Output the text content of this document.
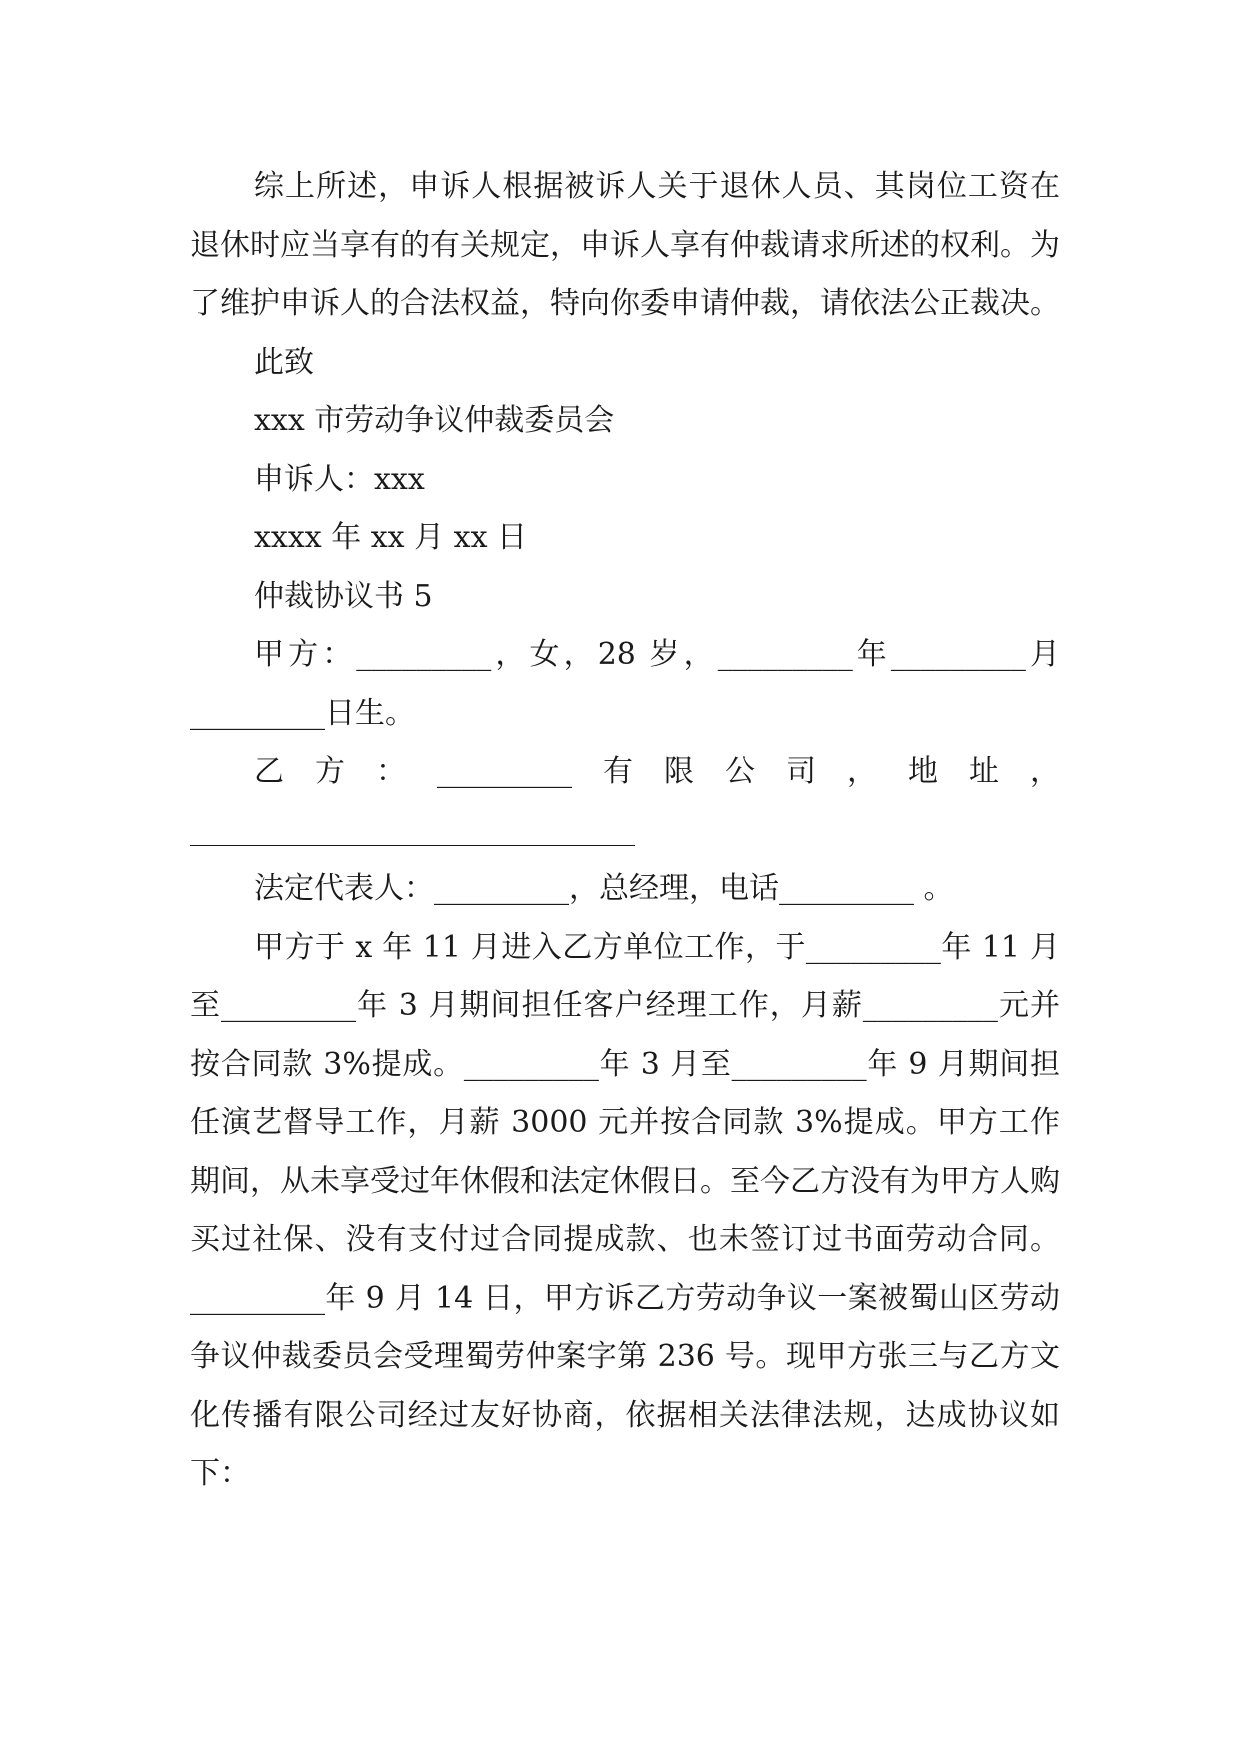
综上所述，申诉人根据被诉人关于退休人员、其岗位工资在退休时应当享有的有关规定，申诉人享有仲裁请求所述的权利。为了维护申诉人的合法权益，特向你委申请仲裁，请依法公正裁决。

此致

xxx 市劳动争议仲裁委员会

申诉人：xxx

xxxx 年 xx 月 xx 日

仲裁协议书 5

甲方：_________，女，28 岁，_________年_________月_________日生。

乙方：_________有限公司，地址，

法定代表人：_________，总经理，电话_________ 。

甲方于 x 年 11 月进入乙方单位工作，于_________年 11 月至_________年 3 月期间担任客户经理工作，月薪_________元并按合同款 3%提成。_________年 3 月至_________年 9 月期间担任演艺督导工作，月薪 3000 元并按合同款 3%提成。甲方工作期间，从未享受过年休假和法定休假日。至今乙方没有为甲方人购买过社保、没有支付过合同提成款、也未签订过书面劳动合同。_________年 9 月 14 日，甲方诉乙方劳动争议一案被蜀山区劳动争议仲裁委员会受理蜀劳仲案字第 236 号。现甲方张三与乙方文化传播有限公司经过友好协商，依据相关法律法规，达成协议如下：
